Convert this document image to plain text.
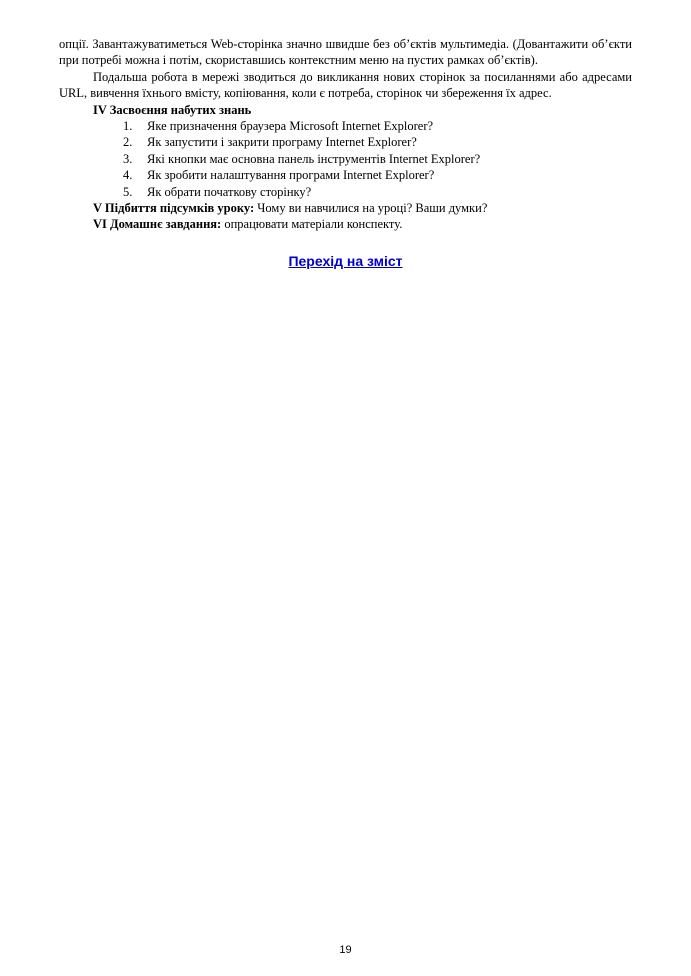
опції. Завантажуватиметься Web-сторінка значно швидше без об’єктів мультимедіа. (Довантажити об’єкти при потребі можна і потім, скориставшись контекстним меню на пустих рамках об’єктів).

Подальша робота в мережі зводиться до викликання нових сторінок за посиланнями або адресами URL, вивчення їхнього вмісту, копіювання, коли є потреба, сторінок чи збереження їх адрес.

IV Засвоєння набутих знань
1.	Яке призначення браузера Microsoft Internet Explorer?
2.	Як запустити і закрити програму Internet Explorer?
3.	Які кнопки має основна панель інструментів Internet Explorer?
4.	Як зробити налаштування програми Internet Explorer?
5.	Як обрати початкову сторінку?
V Підбиття підсумків уроку: Чому ви навчилися на уроці? Ваши думки?
VI Домашнє завдання: опрацювати матеріали конспекту.
Перехід на зміст
19
